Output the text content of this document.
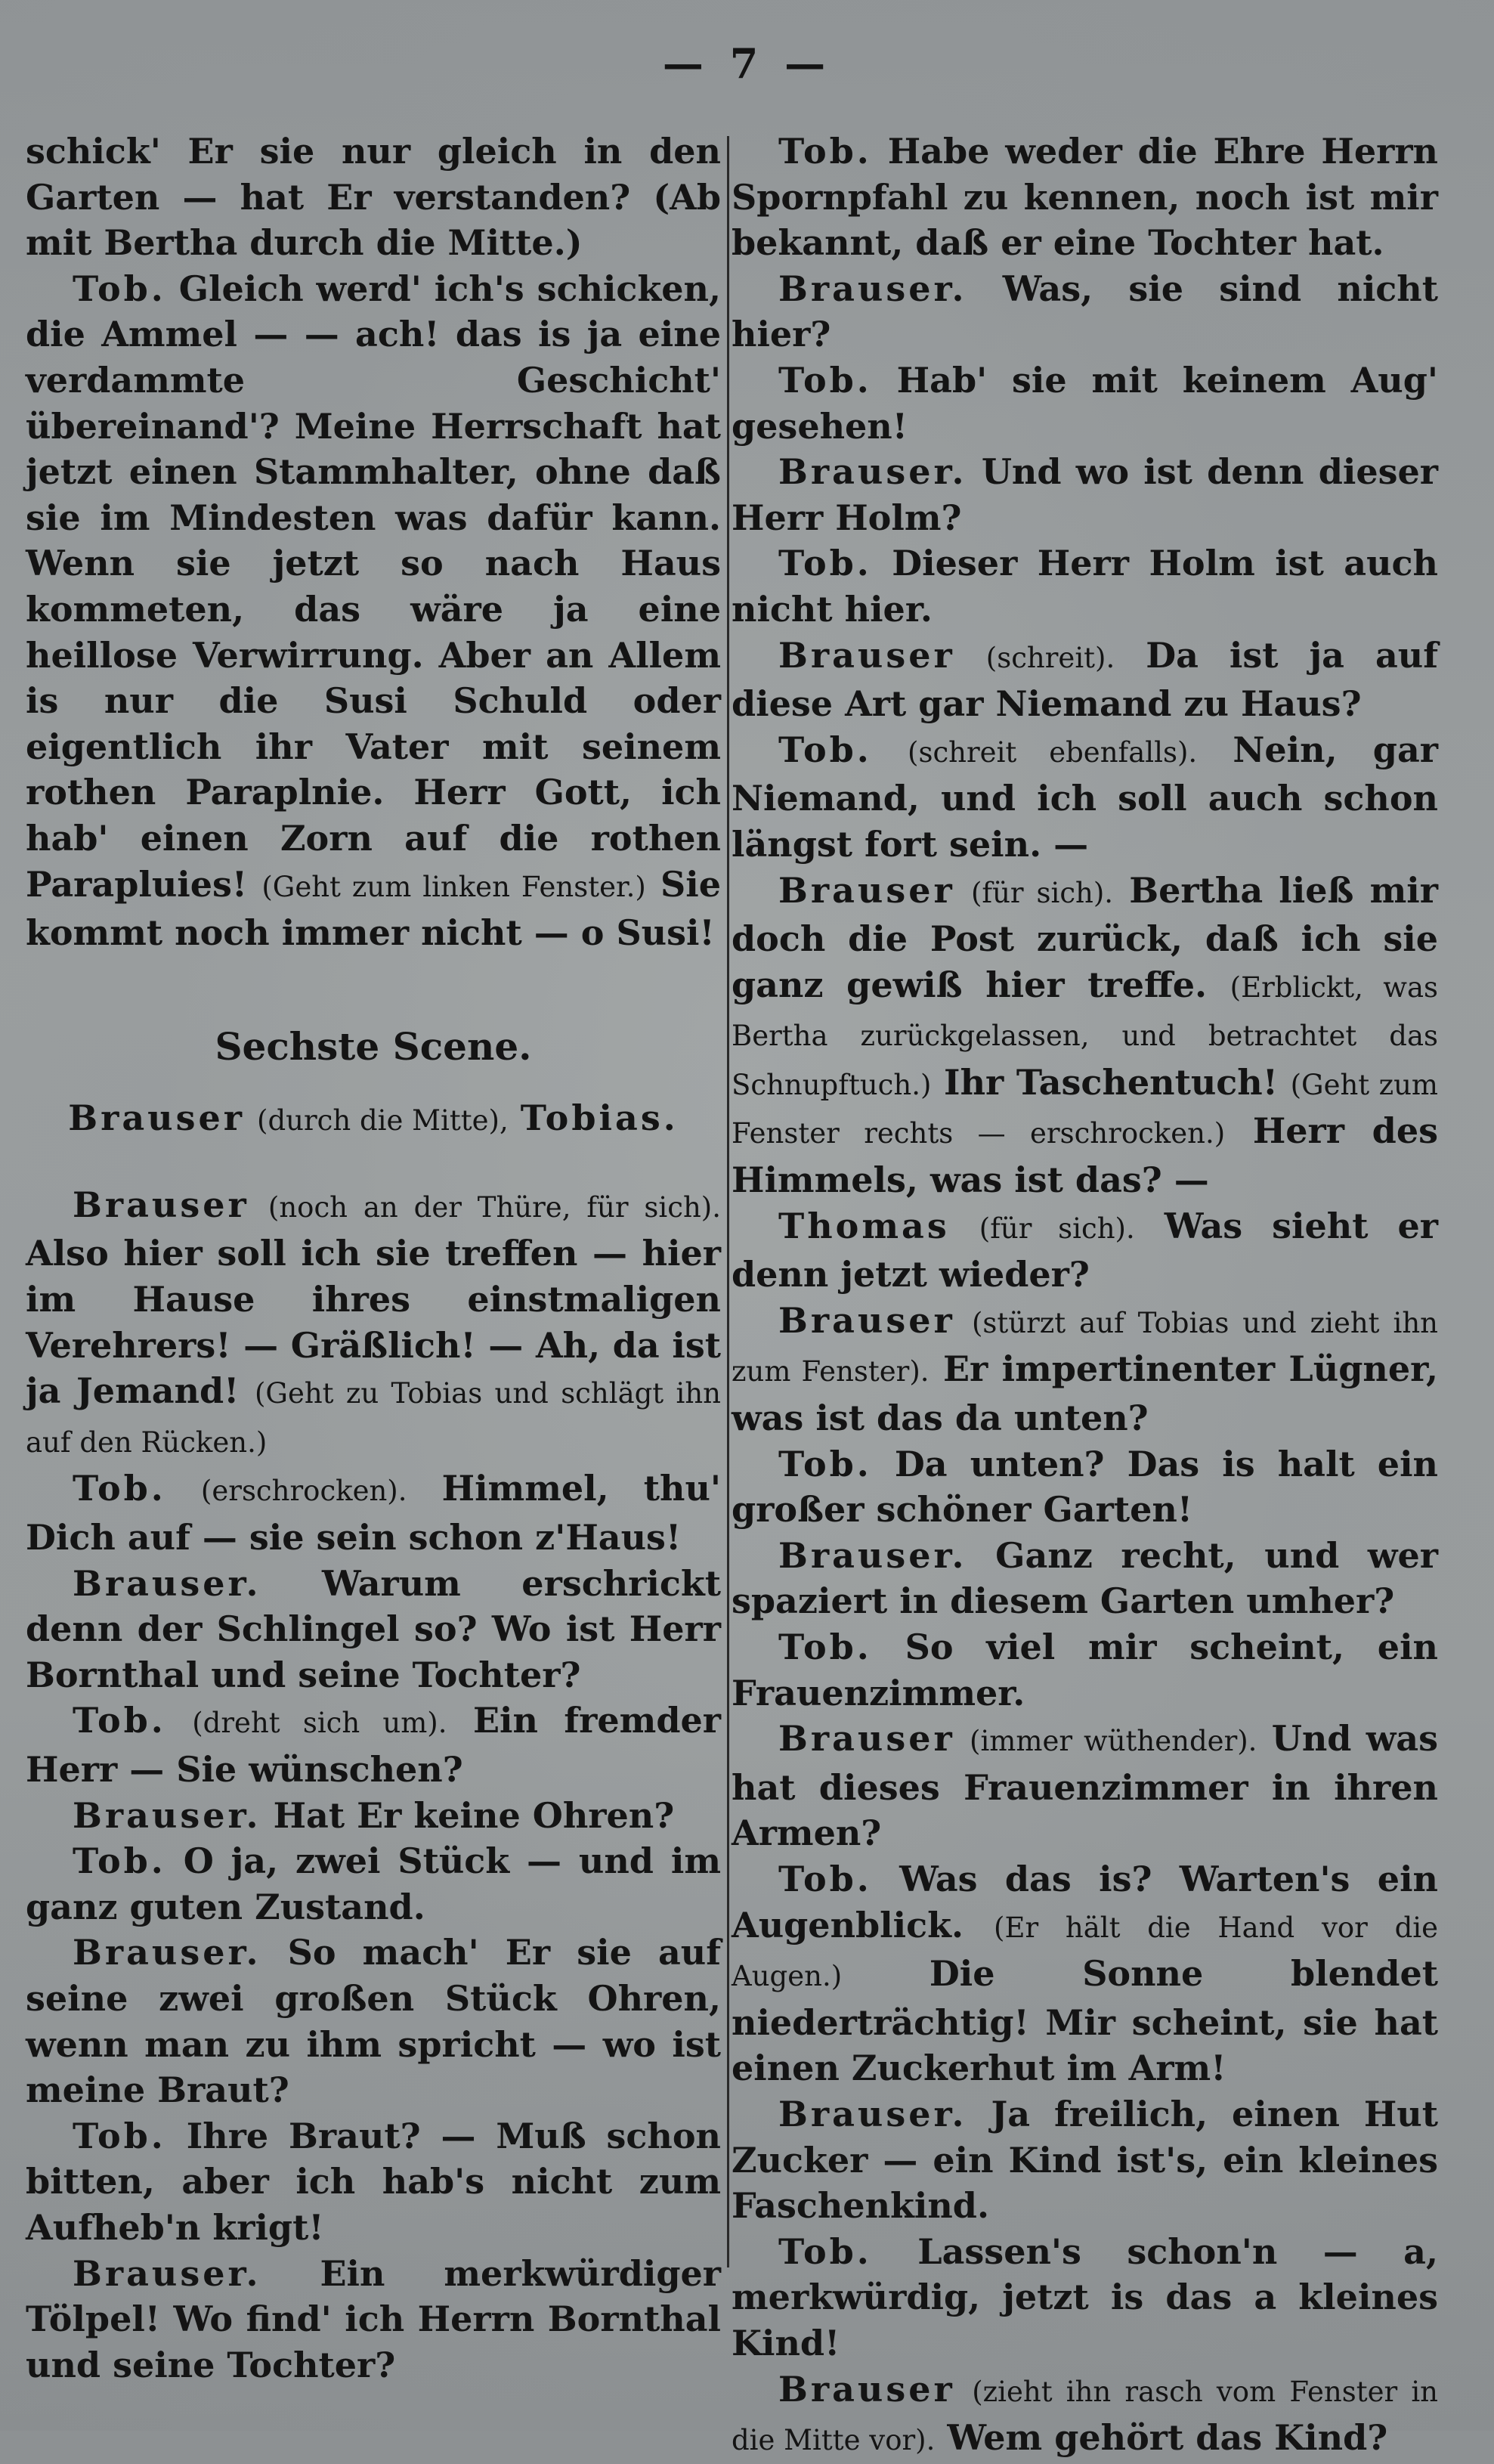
— 7 —

schick' Er sie nur gleich in den Garten — hat Er verstanden? (Ab mit Bertha durch die Mitte.)

Tob. Gleich werd' ich's schicken, die Ammel — — ach! das is ja eine verdammte Geschicht' übereinand'? Meine Herrschaft hat jetzt einen Stammhalter, ohne daß sie im Mindesten was dafür kann. Wenn sie jetzt so nach Haus kommeten, das wäre ja eine heillose Verwirrung. Aber an Allem is nur die Susi Schuld oder eigentlich ihr Vater mit seinem rothen Paraplnie. Herr Gott, ich hab' einen Zorn auf die rothen Parapluies! (Geht zum linken Fenster.) Sie kommt noch immer nicht — o Susi!

Sechste Scene.
Brauser (durch die Mitte), Tobias.

Brauser (noch an der Thüre, für sich). Also hier soll ich sie treffen — hier im Hause ihres einstmaligen Verehrers! — Gräßlich! — Ah, da ist ja Jemand! (Geht zu Tobias und schlägt ihn auf den Rücken.)

Tob. (erschrocken). Himmel, thu' Dich auf — sie sein schon z'Haus!

Brauser. Warum erschrickt denn der Schlingel so? Wo ist Herr Bornthal und seine Tochter?

Tob. (dreht sich um). Ein fremder Herr — Sie wünschen?

Brauser. Hat Er keine Ohren?

Tob. O ja, zwei Stück — und im ganz guten Zustand.

Brauser. So mach' Er sie auf seine zwei großen Stück Ohren, wenn man zu ihm spricht — wo ist meine Braut?

Tob. Ihre Braut? — Muß schon bitten, aber ich hab's nicht zum Aufheb'n krigt!

Brauser. Ein merkwürdiger Tölpel! Wo find' ich Herrn Bornthal und seine Tochter?

Tob. Habe weder die Ehre Herrn Spornpfahl zu kennen, noch ist mir bekannt, daß er eine Tochter hat.

Brauser. Was, sie sind nicht hier?

Tob. Hab' sie mit keinem Aug' gesehen!

Brauser. Und wo ist denn dieser Herr Holm?

Tob. Dieser Herr Holm ist auch nicht hier.

Brauser (schreit). Da ist ja auf diese Art gar Niemand zu Haus?

Tob. (schreit ebenfalls). Nein, gar Niemand, und ich soll auch schon längst fort sein. —

Brauser (für sich). Bertha ließ mir doch die Post zurück, daß ich sie ganz gewiß hier treffe. (Erblickt, was Bertha zurückgelassen, und betrachtet das Schnupftuch.) Ihr Taschentuch! (Geht zum Fenster rechts — erschrocken.) Herr des Himmels, was ist das? —

Thomas (für sich). Was sieht er denn jetzt wieder?

Brauser (stürzt auf Tobias und zieht ihn zum Fenster). Er impertinenter Lügner, was ist das da unten?

Tob. Da unten? Das is halt ein großer schöner Garten!

Brauser. Ganz recht, und wer spaziert in diesem Garten umher?

Tob. So viel mir scheint, ein Frauenzimmer.

Brauser (immer wüthender). Und was hat dieses Frauenzimmer in ihren Armen?

Tob. Was das is? Warten's ein Augenblick. (Er hält die Hand vor die Augen.)	Die Sonne blendet niederträchtig! Mir scheint, sie hat einen Zuckerhut im Arm!

Brauser. Ja freilich, einen Hut Zucker — ein Kind ist's, ein kleines Faschenkind.

Tob. Lassen's schon'n — a, merkwürdig, jetzt is das a kleines Kind!

Brauser (zieht ihn rasch vom Fenster in die Mitte vor). Wem gehört das Kind?
